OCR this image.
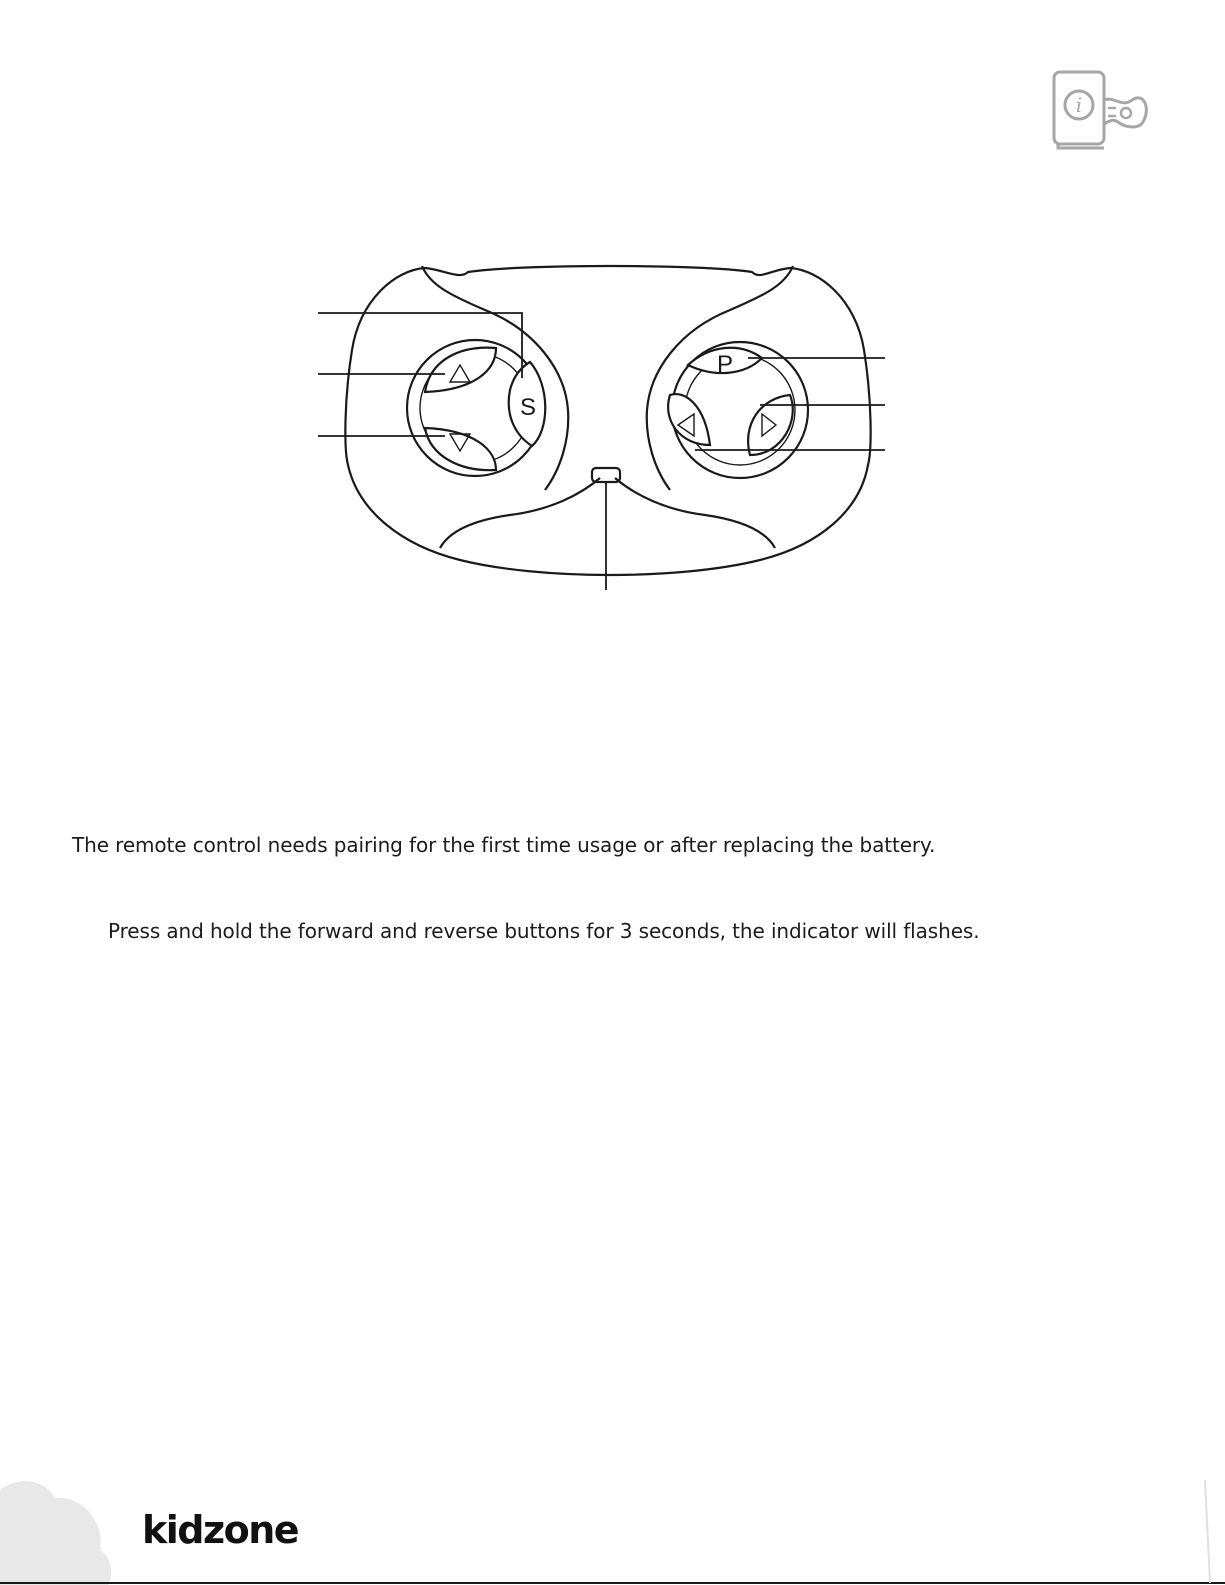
i
S
P
The remote control needs pairing for the first time usage or after replacing the battery.
Press and hold the forward and reverse buttons for 3 seconds, the indicator will flashes.
kidzone
